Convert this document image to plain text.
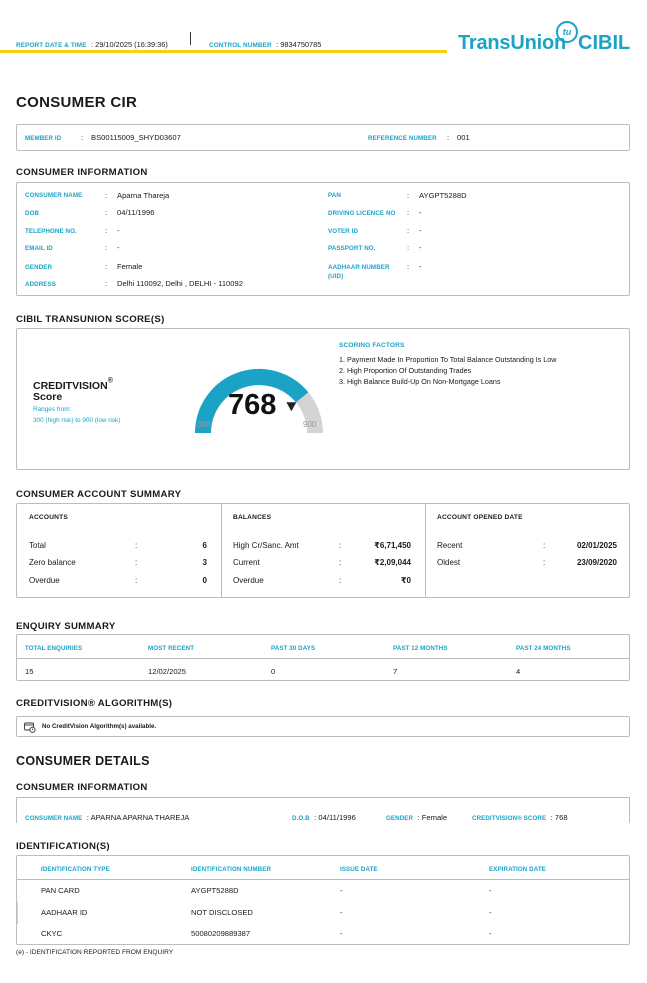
REPORT DATE & TIME : 29/10/2025 (16:39:36)	CONTROL NUMBER : 9834750785	TransUnion
tu CIBIL
CONSUMER CIR
MEMBER ID	: BS00115009_SHYD03607	REFERENCE NUMBER : 001
CONSUMER INFORMATION
CONSUMER NAME	: Aparna Thareja
DOB	: 04/11/1996
TELEPHONE NO.	: -
EMAIL ID	: -
GENDER	: Female
ADDRESS	: Delhi 110092, Delhi , DELHI - 110092
PAN	: AYGPT5288D
DRIVING LICENCE NO : -
VOTER ID	: -
PASSPORT NO.	: -
AADHAAR NUMBER
(UID)
: -
CIBIL TRANSUNION SCORE(S)
CREDITVISION®
Score
Ranges from:
300 (high risk) to 900 (low risk)	768
300	900
SCORING FACTORS
1. Payment Made In Proportion To Total Balance Outstanding Is Low
2. High Proportion Of Outstanding Trades
3. High Balance Build-Up On Non-Mortgage Loans
CONSUMER ACCOUNT SUMMARY
ACCOUNTS
Total	:	6
Zero balance	:	3
Overdue	:	0
BALANCES
High Cr/Sanc. Amt	:	₹6,71,450
Current	:	₹2,09,044
Overdue	:	₹0
ACCOUNT OPENED DATE
Recent	:	02/01/2025
Oldest	:	23/09/2020
ENQUIRY SUMMARY
TOTAL ENQUIRIES	MOST RECENT	PAST 30 DAYS	PAST 12 MONTHS	PAST 24 MONTHS
15	12/02/2025	0	7	4
CREDITVISION® ALGORITHM(S)
No CreditVision Algorithm(s) available.
CONSUMER DETAILS
CONSUMER INFORMATION
CONSUMER NAME : APARNA APARNA THAREJA	D.O.B : 04/11/1996	GENDER : Female	CREDITVISION® SCORE : 768
IDENTIFICATION(S)
IDENTIFICATION TYPE	IDENTIFICATION NUMBER	ISSUE DATE	EXPIRATION DATE
PAN CARD	AYGPT5288D	-	-
AADHAAR ID	NOT DISCLOSED	-	-
CKYC	50080209889387	-	-
(e) - IDENTIFICATION REPORTED FROM ENQUIRY
